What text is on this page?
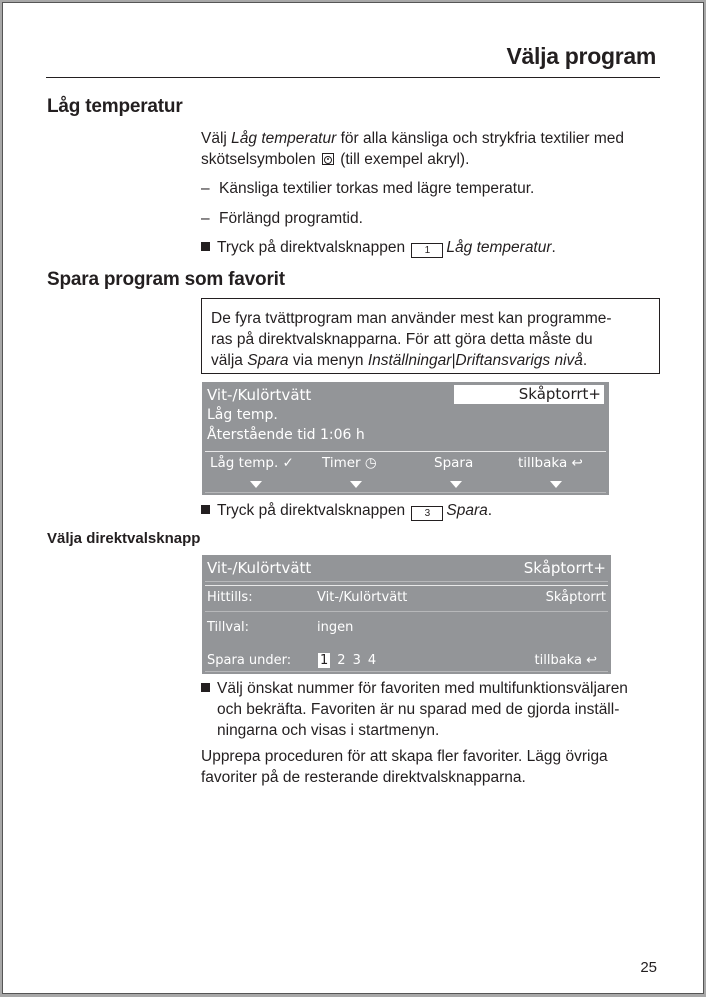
Välja program
Låg temperatur
Välj Låg temperatur för alla känsliga och strykfria textilier med
skötselsymbolen  (till exempel akryl).
– Känsliga textilier torkas med lägre temperatur.
– Förlängd programtid.
Tryck på direktvalsknappen 1 Låg temperatur.
Spara program som favorit
De fyra tvättprogram man använder mest kan programme-
ras på direktvalsknapparna. För att göra detta måste du
välja Spara via menyn Inställningar|Driftansvarigs nivå.
Vit-/Kulörtvätt	Skåptorrt+
Låg temp.
Återstående tid 1:06 h
Låg temp. ✓ Timer ◷	Spara	tillbaka ↩
Tryck på direktvalsknappen 3 Spara.
Välja direktvalsknapp
Vit-/Kulörtvätt	Skåptorrt+
Hittills:	Vit-/Kulörtvätt	Skåptorrt
Tillval:	ingen
Spara under: 1 2 3 4	tillbaka ↩
Välj önskat nummer för favoriten med multifunktionsväljaren
och bekräfta. Favoriten är nu sparad med de gjorda inställ-
ningarna och visas i startmenyn.
Upprepa proceduren för att skapa fler favoriter. Lägg övriga
favoriter på de resterande direktvalsknapparna.
25
